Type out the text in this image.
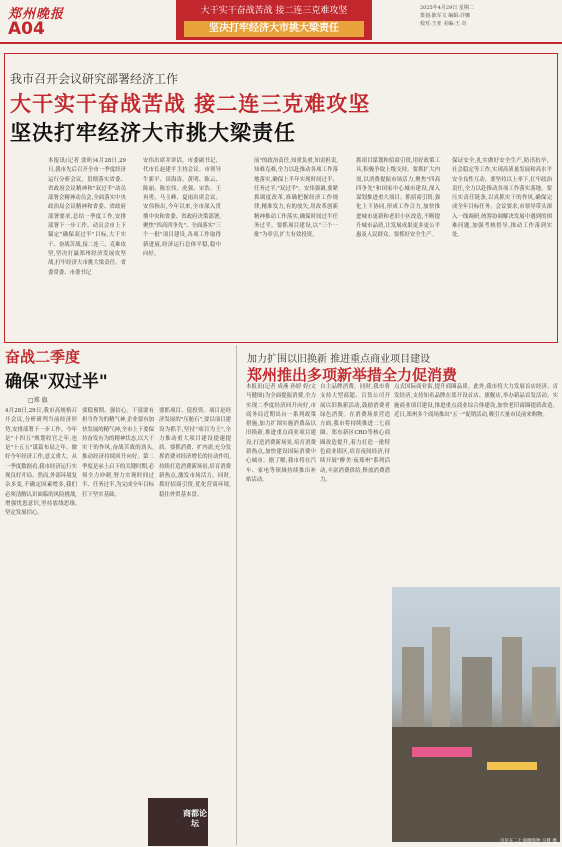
郑州晚报
A04
大干实干奋战苦战 接二连三克难攻坚
坚决打牢经济大市挑大梁责任
2025年4月29日 星期二
策划:陈军文 编辑:许娜
校对:王亚 美编:王 奇
我市召开会议研究部署经济工作
大干实干奋战苦战 接二连三克难攻坚
坚决打牢经济大市挑大梁责任
本报讯(记者 张昕)4月28日,29日,我市先后召开全市一季度经济运行分析会议、贯彻落实省委、省政府会议精神和"双过半"动员部署会精神动员会,全面落实中央政治局会议精神和省委、省政府部署要求,总结一季度工作,安排部署下一步工作。动员会市上下锚定"确保双过半"目标,大干实干、奋战苦战,接二连三、克难攻坚,坚决打赢郑州经济发展攻坚战,打牢经济大市挑大梁责任。省委常委、市委书记
安伟出席并讲话。市委副书记、代市长赵建平主持会议。市领导牛新平、田海涛、黄明、陈云、陈丽、陈宏伟、虎强、宋浩、王再勇、马玉峰、夏雨出席会议。安伟指出,今年以来,全市深入贯彻中央和省委、省政府决策部署,聚焦"四高四争先"、全面落实"三个一批"项目建设,各项工作取得新进展,经济运行总体平稳,稳中向好。
前"的政治责任,知重负重,知责担责,知难克难,全力以赴推动各项工作落地落实,确保上半年实现时间过半、任务过半,"双过半"。安伟强调,要紧抓调度改革,准确把握经济工作规律,精准发力,有的放矢,用改革创新精神推动工作落实,确保时间过半任务过半。要抓项目建设,以"三个一批"为牵引,扩大有效投资。
抓项目谋划和招商引资,用好政策工具,积极争取上级支持。要抓扩大内需,以消费提振市场活力,聚焦"四高四争先"和国家中心城市建设,深入谋划推进重大项目。抓招商引资,强化上下协同,形成工作合力,加快推进城市更新和老旧小区改造,不断提升城市品质,让发展成果更多更公平惠及人民群众。要抓好安全生产。
保证安全,扎实做好安全生产,防汛抗旱、社会稳定等工作,实现高质量发展和高水平安全良性互动。要坚持以上率下,扛牢政治责任,全力以赴推动各项工作落实落地。要压实责任链条,以真抓实干的作风,确保完成全年目标任务。会议要求,市领导带头深入一线调研,统筹协调解决发展中遇到的困难问题,加强考核督导,推动工作落到实处。
奋战二季度
确保"双过半"
□郑 旗
4月28日,29日,我市高规格召开会议,分析研判当前经济形势,安排部署下一步工作。今年是"十四五"规划收官之年,也是"十五五"谋篇布局之年。做好今年经济工作,意义重大。从一季度数据看,我市经济运行实现良好开局。然而,外部环境复杂多变,不确定因素增多,我们必须清醒认识面临的风险挑战,增强忧患意识,坚持底线思维,坚定发展信心。
要稳预期、强信心。干部要有担当作为的精气神,企业要有加快发展的精气神,全市上下要保持奋发有为的精神状态,以大干实干的作风,奋战苦战的劲头,推动经济持续回升向好。第二季度是承上启下的关键时期,必须全力冲刺,努力实现时间过半、任务过半,为完成全年目标打下坚实基础。
要抓项目、促投资。项目是经济发展的"压舱石",要以项目建设为抓手,坚持"项目为王",全力推动重大项目建设提速提质。要抓消费、扩内需,充分发挥消费对经济增长的拉动作用,持续打造消费新场景,培育消费新热点,激发市场活力。同时,抓好招商引资,优化营商环境,稳住外贸基本盘。
商都论坛
加力扩围以旧换新 推进重点商业项目建设
郑州推出多项新举措全力促消费
本报讯(记者 成燕 孙婷 婷/文 马健图)为全面提振消费,全力实现二季度经济回升向好,市商务局近期出台一系列政策措施,加力扩围实施消费品以旧换新,推进重点商业项目建设,打造消费新场景,培育消费新热点,加快建设国际消费中心城市。据了解,我市将在汽车、家电等领域持续推出补贴活动。
自主品牌消费。同时,我市将支持大型商超、百货公司开展以旧换新活动,鼓励消费者绿色消费。在消费场景营造方面,我市将持续推进二七商圈、郑东新区CBD等核心商圈改造提升,着力打造一批特色商业街区,培育夜间经济,持续开展"醉美·夜郑州"系列活动,丰富消费供给,释放消费潜力。
点式国际商业街,提升商圈品质。此外,我市将大力发展首店经济、首发经济,支持知名品牌在郑开设首店、旗舰店,举办新品首发活动。实施商业项目建设,推进重点商业综合体建设,加快老旧商圈提质改造。近日,郑州多个商场推出"五一"促销活动,吸引大量市民前来购物。
市民在二七商圈购物 马健 摄
